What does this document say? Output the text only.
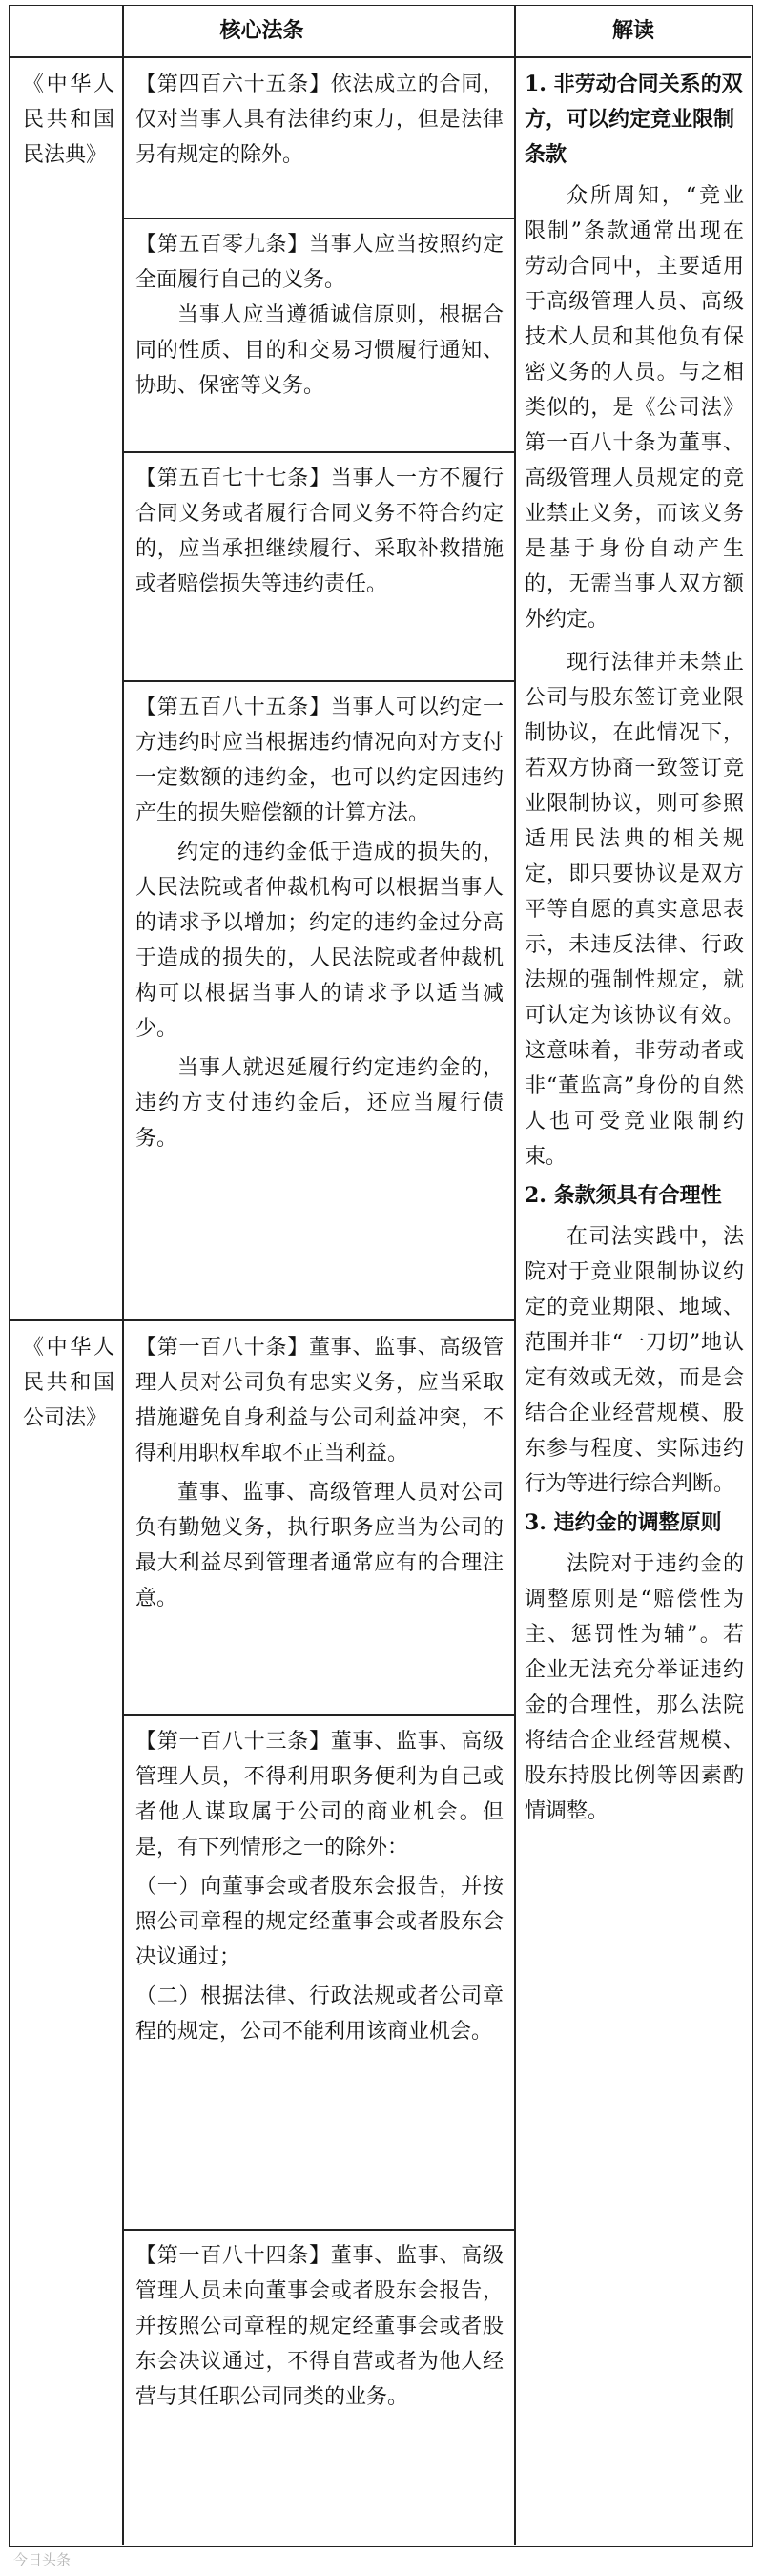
核心法条	解读
《中华人民共和国民法典》
《中华人民共和国公司法》

【第四百六十五条】依法成立的合同，仅对当事人具有法律约束力，但是法律另有规定的除外。

【第五百零九条】当事人应当按照约定全面履行自己的义务。

当事人应当遵循诚信原则，根据合同的性质、目的和交易习惯履行通知、协助、保密等义务。

【第五百七十七条】当事人一方不履行合同义务或者履行合同义务不符合约定的，应当承担继续履行、采取补救措施或者赔偿损失等违约责任。

【第五百八十五条】当事人可以约定一方违约时应当根据违约情况向对方支付一定数额的违约金，也可以约定因违约产生的损失赔偿额的计算方法。

约定的违约金低于造成的损失的，人民法院或者仲裁机构可以根据当事人的请求予以增加；约定的违约金过分高于造成的损失的，人民法院或者仲裁机构可以根据当事人的请求予以适当减少。

当事人就迟延履行约定违约金的，违约方支付违约金后，还应当履行债务。

【第一百八十条】董事、监事、高级管理人员对公司负有忠实义务，应当采取措施避免自身利益与公司利益冲突，不得利用职权牟取不正当利益。

董事、监事、高级管理人员对公司负有勤勉义务，执行职务应当为公司的最大利益尽到管理者通常应有的合理注意。

【第一百八十三条】董事、监事、高级管理人员，不得利用职务便利为自己或者他人谋取属于公司的商业机会。但是，有下列情形之一的除外：

（一）向董事会或者股东会报告，并按照公司章程的规定经董事会或者股东会决议通过；

（二）根据法律、行政法规或者公司章程的规定，公司不能利用该商业机会。

【第一百八十四条】董事、监事、高级管理人员未向董事会或者股东会报告，并按照公司章程的规定经董事会或者股东会决议通过，不得自营或者为他人经营与其任职公司同类的业务。

1. 非劳动合同关系的双方，可以约定竞业限制条款

众所周知，“竞业限制”条款通常出现在劳动合同中，主要适用于高级管理人员、高级技术人员和其他负有保密义务的人员。与之相类似的，是《公司法》第一百八十条为董事、高级管理人员规定的竞业禁止义务，而该义务是基于身份自动产生的，无需当事人双方额外约定。

现行法律并未禁止公司与股东签订竞业限制协议，在此情况下，若双方协商一致签订竞业限制协议，则可参照适用民法典的相关规定，即只要协议是双方平等自愿的真实意思表示，未违反法律、行政法规的强制性规定，就可认定为该协议有效。这意味着，非劳动者或非“董监高”身份的自然人也可受竞业限制约束。

2. 条款须具有合理性

在司法实践中，法院对于竞业限制协议约定的竞业期限、地域、范围并非“一刀切”地认定有效或无效，而是会结合企业经营规模、股东参与程度、实际违约行为等进行综合判断。

3. 违约金的调整原则

法院对于违约金的调整原则是“赔偿性为主、惩罚性为辅”。若企业无法充分举证违约金的合理性，那么法院将结合企业经营规模、股东持股比例等因素酌情调整。

今日头条
